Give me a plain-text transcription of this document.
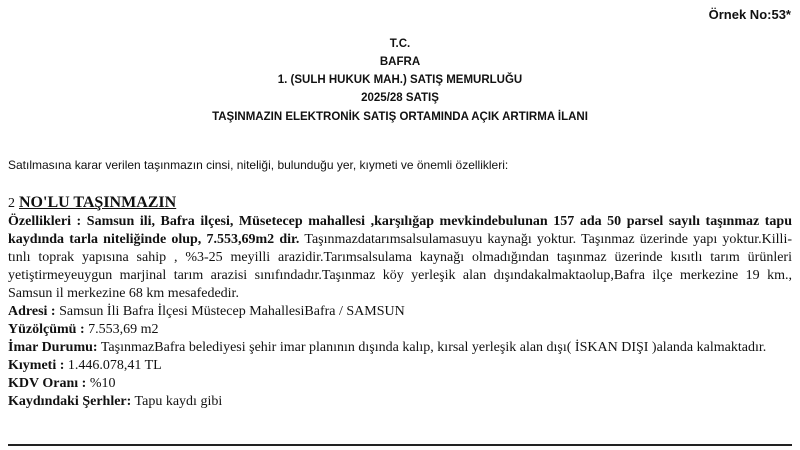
Örnek No:53*
T.C.
BAFRA
1. (SULH HUKUK MAH.) SATIŞ MEMURLUĞU
2025/28 SATIŞ
TAŞINMAZIN ELEKTRONİK SATIŞ ORTAMINDA AÇIK ARTIRMA İLANI
Satılmasına karar verilen taşınmazın cinsi, niteliği, bulunduğu yer, kıymeti ve önemli özellikleri:
2 NO'LU TAŞINMAZIN
Özellikleri : Samsun ili, Bafra ilçesi, Müsetecep mahallesi ,karşılığap mevkindebulunan 157 ada 50 parsel sayılı taşınmaz tapu kaydında tarla niteliğinde olup, 7.553,69m2 dir. Taşınmazdatarımsalsulamasuyu kaynağı yoktur. Taşınmaz üzerinde yapı yoktur.Killi-tınlı toprak yapısına sahip , %3-25 meyilli arazidir.Tarımsalsulama kaynağı olmadığından taşınmaz üzerinde kısıtlı tarım ürünleri yetiştirmeyeuygun marjinal tarım arazisi sınıfındadır.Taşınmaz köy yerleşik alan dışındakalmaktaolup,Bafra ilçe merkezine 19 km., Samsun il merkezine 68 km mesafededir.
Adresi : Samsun İli Bafra İlçesi Müstecep MahallesiBafra / SAMSUN
Yüzölçümü : 7.553,69 m2
İmar Durumu: TaşınmazBafra belediyesi şehir imar planının dışında kalıp, kırsal yerleşik alan dışı( İSKAN DIŞI )alanda kalmaktadır.
Kıymeti : 1.446.078,41 TL
KDV Oranı : %10
Kaydındaki Şerhler: Tapu kaydı gibi
